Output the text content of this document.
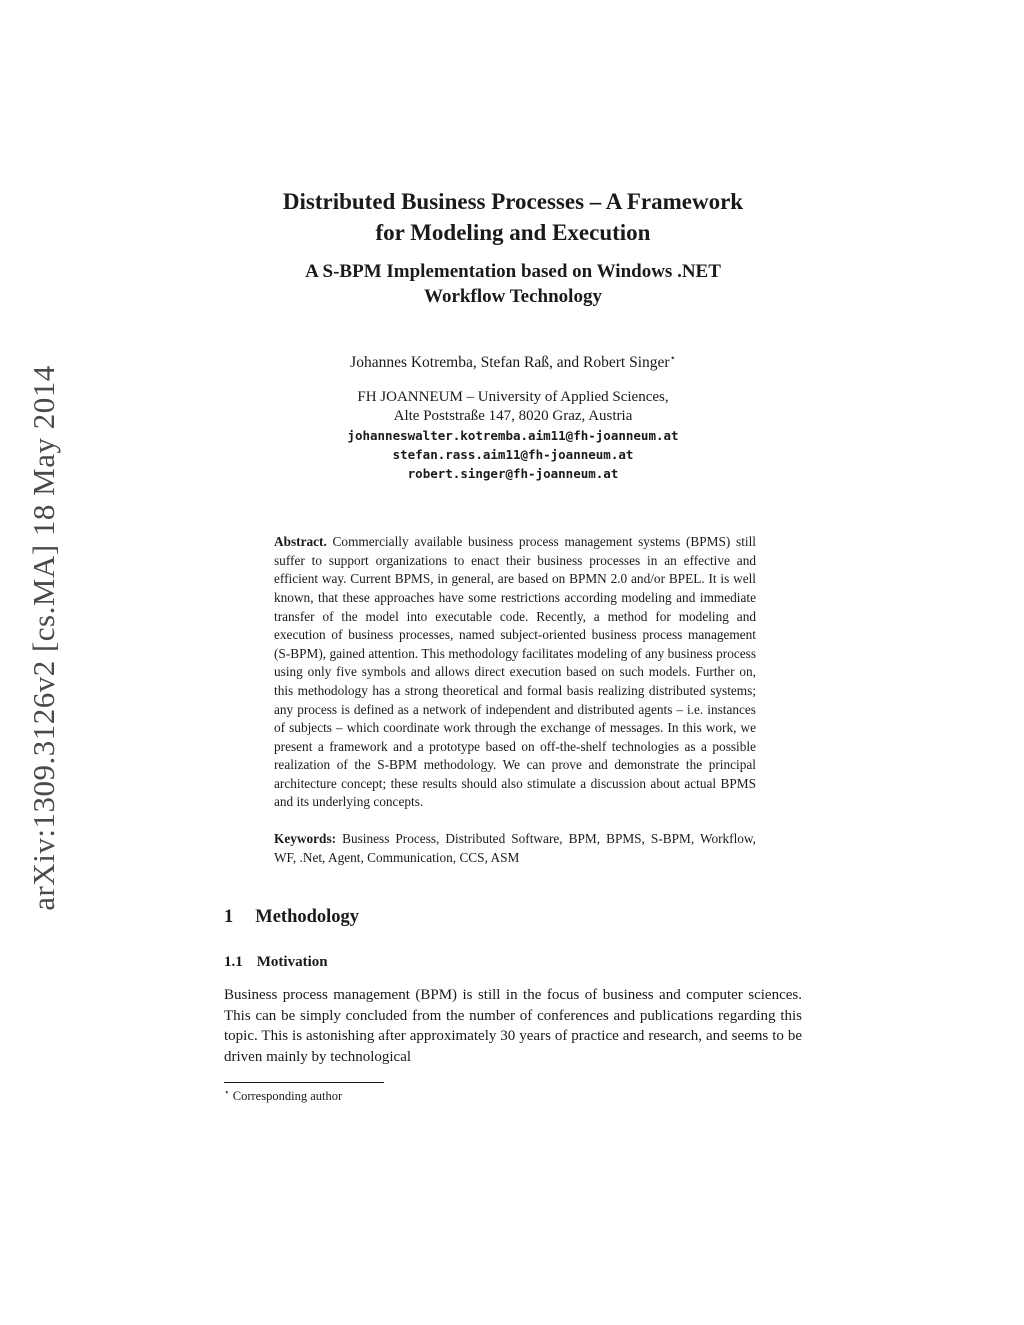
arXiv:1309.3126v2 [cs.MA] 18 May 2014
Distributed Business Processes – A Framework
for Modeling and Execution
A S-BPM Implementation based on Windows .NET
Workflow Technology
Johannes Kotremba, Stefan Raß, and Robert Singer⋆
FH JOANNEUM – University of Applied Sciences,
Alte Poststraße 147, 8020 Graz, Austria
johanneswalter.kotremba.aim11@fh-joanneum.at
stefan.rass.aim11@fh-joanneum.at
robert.singer@fh-joanneum.at

Abstract. Commercially available business process management systems (BPMS) still suffer to support organizations to enact their business processes in an effective and efficient way. Current BPMS, in general, are based on BPMN 2.0 and/or BPEL. It is well known, that these approaches have some restrictions according modeling and immediate transfer of the model into executable code. Recently, a method for modeling and execution of business processes, named subject-oriented business process management (S-BPM), gained attention. This methodology facilitates modeling of any business process using only five symbols and allows direct execution based on such models. Further on, this methodology has a strong theoretical and formal basis realizing distributed systems; any process is defined as a network of independent and distributed agents – i.e. instances of subjects – which coordinate work through the exchange of messages. In this work, we present a framework and a prototype based on off-the-shelf technologies as a possible realization of the S-BPM methodology. We can prove and demonstrate the principal architecture concept; these results should also stimulate a discussion about actual BPMS and its underlying concepts.

Keywords: Business Process, Distributed Software, BPM, BPMS, S-BPM, Workflow, WF, .Net, Agent, Communication, CCS, ASM

1 Methodology
1.1 Motivation

Business process management (BPM) is still in the focus of business and computer sciences. This can be simply concluded from the number of conferences and publications regarding this topic. This is astonishing after approximately 30 years of practice and research, and seems to be driven mainly by technological

⋆ Corresponding author
